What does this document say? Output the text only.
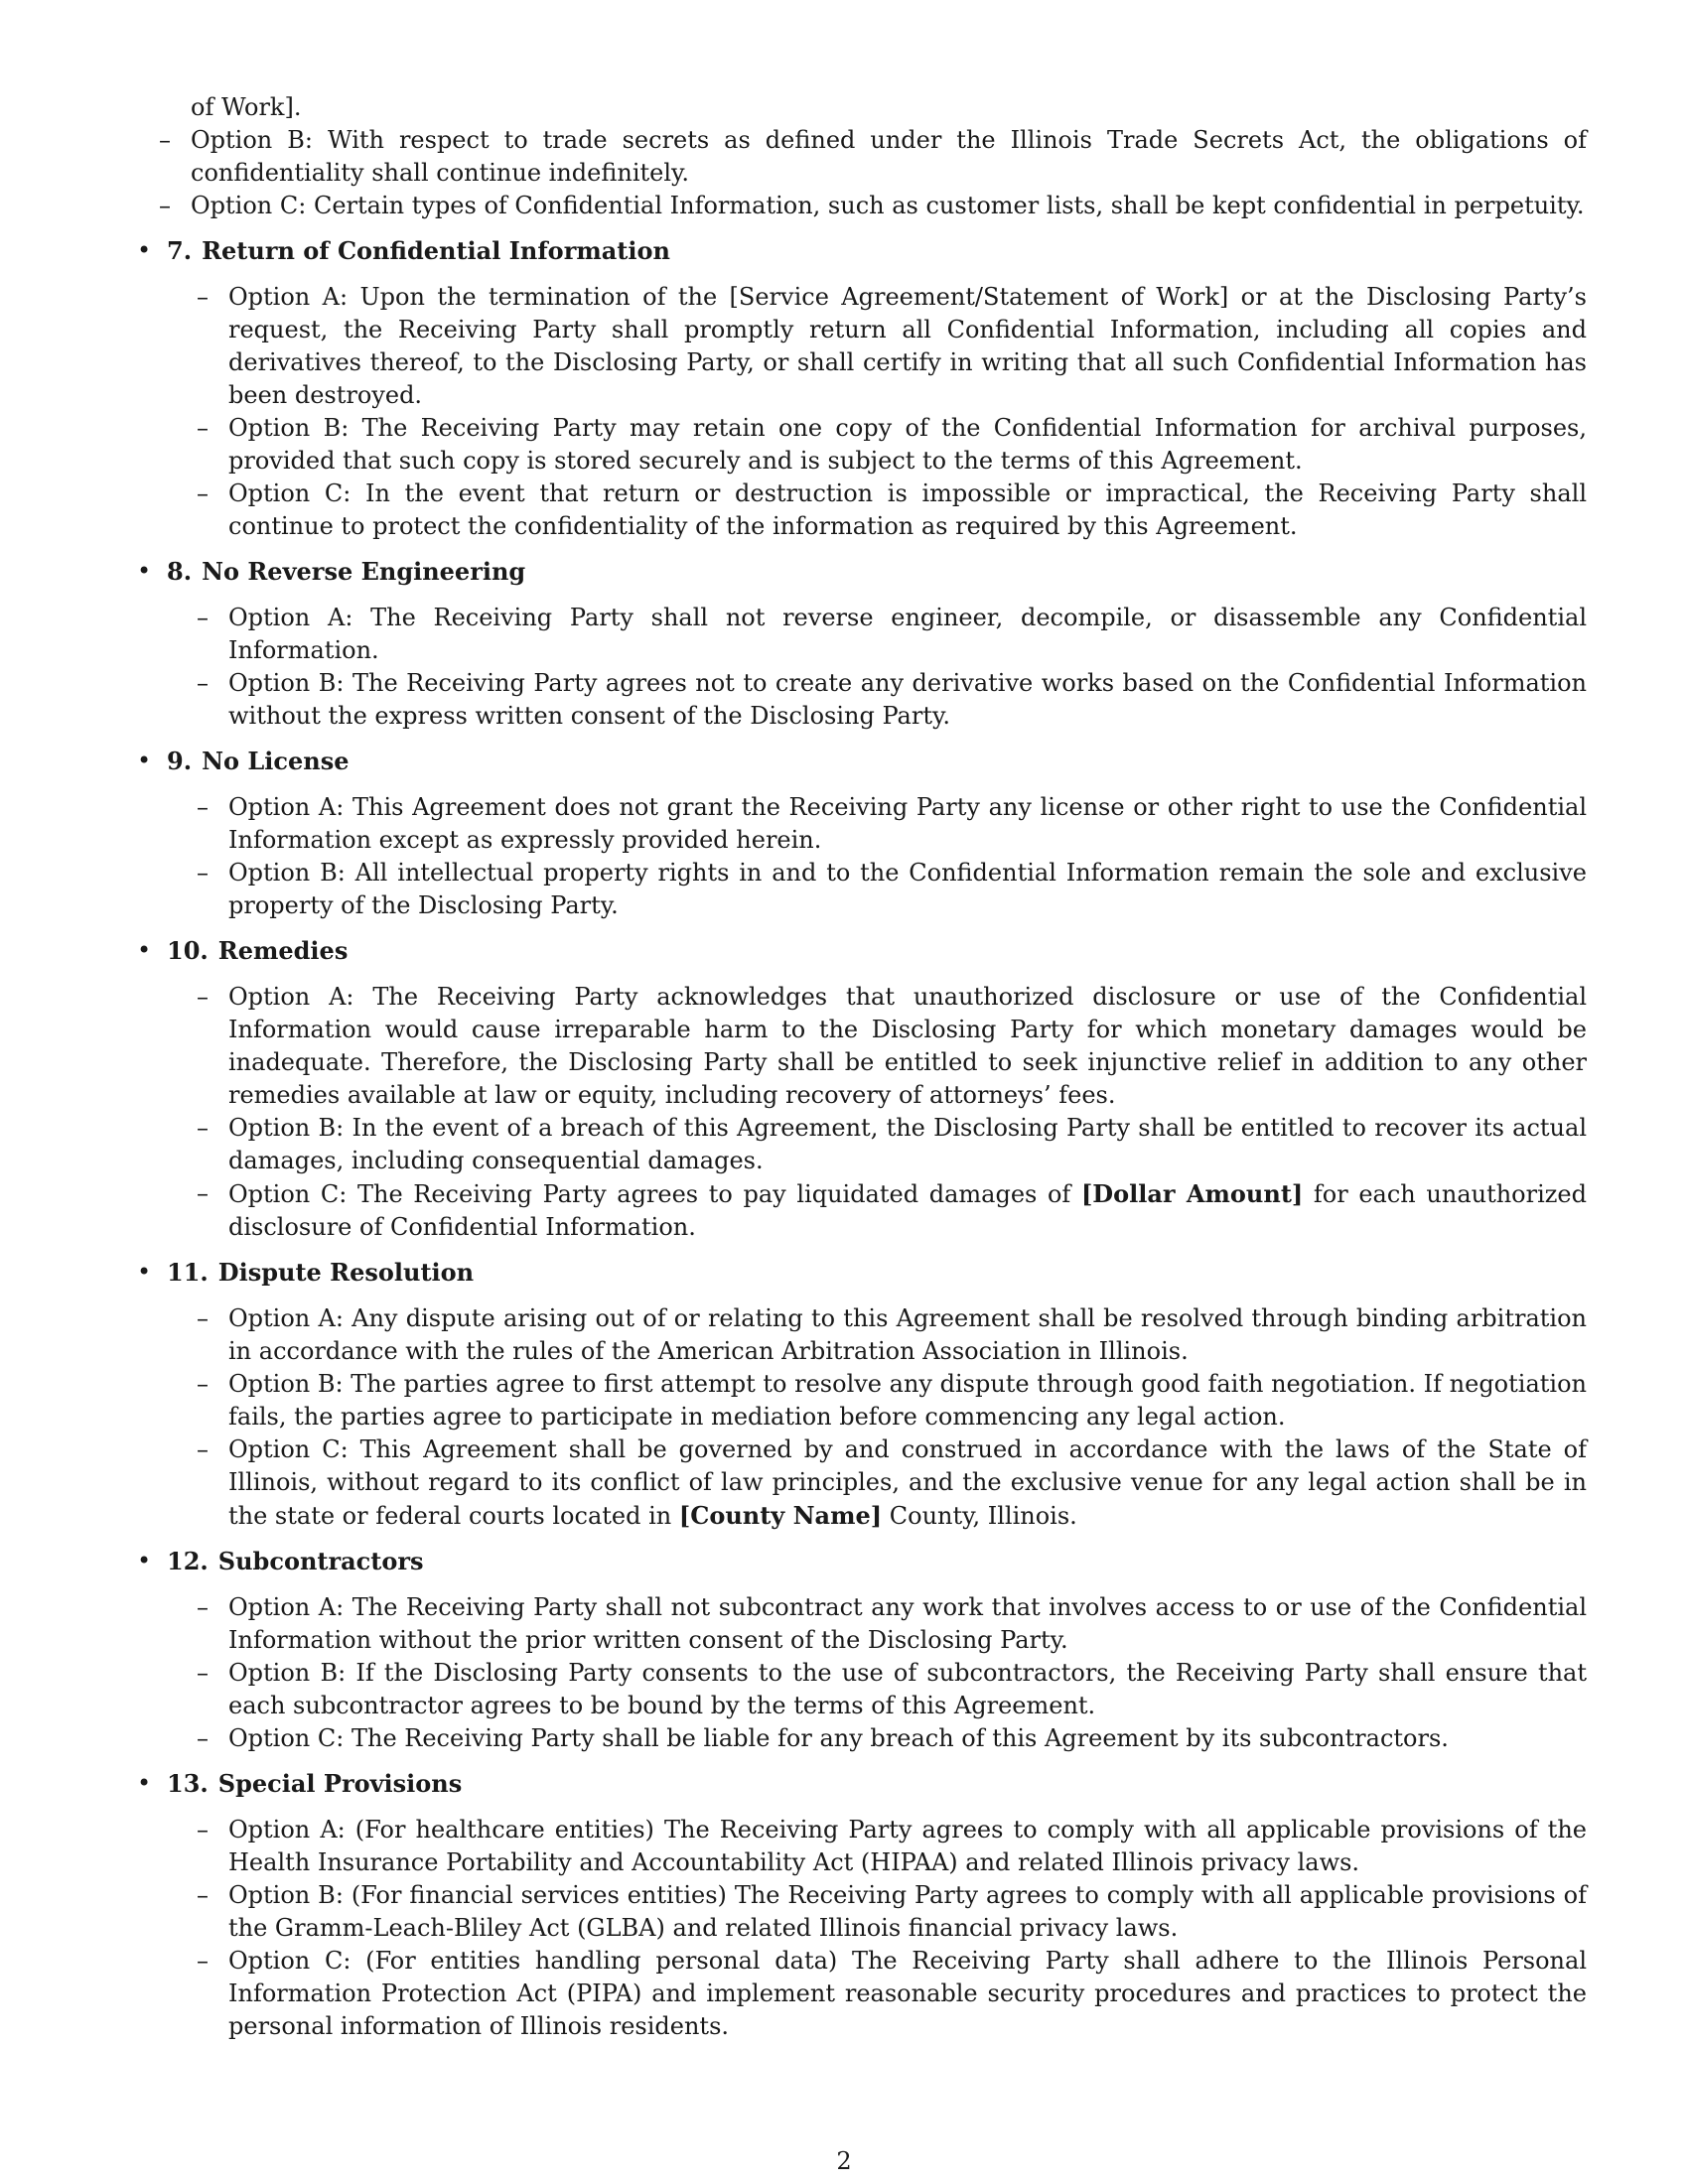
of Work].

– Option B: With respect to trade secrets as defined under the Illinois Trade Secrets Act, the obligations of confidentiality shall continue indefinitely.

– Option C: Certain types of Confidential Information, such as customer lists, shall be kept confidential in perpetuity.

• 7. Return of Confidential Information

– Option A: Upon the termination of the [Service Agreement/Statement of Work] or at the Disclosing Party’s request, the Receiving Party shall promptly return all Confidential Information, including all copies and derivatives thereof, to the Disclosing Party, or shall certify in writing that all such Confidential Information has been destroyed.

– Option B: The Receiving Party may retain one copy of the Confidential Information for archival purposes, provided that such copy is stored securely and is subject to the terms of this Agreement.

– Option C: In the event that return or destruction is impossible or impractical, the Receiving Party shall continue to protect the confidentiality of the information as required by this Agreement.

• 8. No Reverse Engineering

– Option A: The Receiving Party shall not reverse engineer, decompile, or disassemble any Confidential Information.

– Option B: The Receiving Party agrees not to create any derivative works based on the Confidential Information without the express written consent of the Disclosing Party.

• 9. No License

– Option A: This Agreement does not grant the Receiving Party any license or other right to use the Confidential Information except as expressly provided herein.

– Option B: All intellectual property rights in and to the Confidential Information remain the sole and exclusive property of the Disclosing Party.

• 10. Remedies

– Option A: The Receiving Party acknowledges that unauthorized disclosure or use of the Confidential Information would cause irreparable harm to the Disclosing Party for which monetary damages would be inadequate. Therefore, the Disclosing Party shall be entitled to seek injunctive relief in addition to any other remedies available at law or equity, including recovery of attorneys’ fees.

– Option B: In the event of a breach of this Agreement, the Disclosing Party shall be entitled to recover its actual damages, including consequential damages.

– Option C: The Receiving Party agrees to pay liquidated damages of [Dollar Amount] for each unauthorized disclosure of Confidential Information.

• 11. Dispute Resolution

– Option A: Any dispute arising out of or relating to this Agreement shall be resolved through binding arbitration in accordance with the rules of the American Arbitration Association in Illinois.

– Option B: The parties agree to first attempt to resolve any dispute through good faith negotiation. If negotiation fails, the parties agree to participate in mediation before commencing any legal action.

– Option C: This Agreement shall be governed by and construed in accordance with the laws of the State of Illinois, without regard to its conflict of law principles, and the exclusive venue for any legal action shall be in the state or federal courts located in [County Name] County, Illinois.

• 12. Subcontractors

– Option A: The Receiving Party shall not subcontract any work that involves access to or use of the Confidential Information without the prior written consent of the Disclosing Party.

– Option B: If the Disclosing Party consents to the use of subcontractors, the Receiving Party shall ensure that each subcontractor agrees to be bound by the terms of this Agreement.

– Option C: The Receiving Party shall be liable for any breach of this Agreement by its subcontractors.

• 13. Special Provisions

– Option A: (For healthcare entities) The Receiving Party agrees to comply with all applicable provisions of the Health Insurance Portability and Accountability Act (HIPAA) and related Illinois privacy laws.

– Option B: (For financial services entities) The Receiving Party agrees to comply with all applicable provisions of the Gramm-Leach-Bliley Act (GLBA) and related Illinois financial privacy laws.

– Option C: (For entities handling personal data) The Receiving Party shall adhere to the Illinois Personal Information Protection Act (PIPA) and implement reasonable security procedures and practices to protect the personal information of Illinois residents.

2
